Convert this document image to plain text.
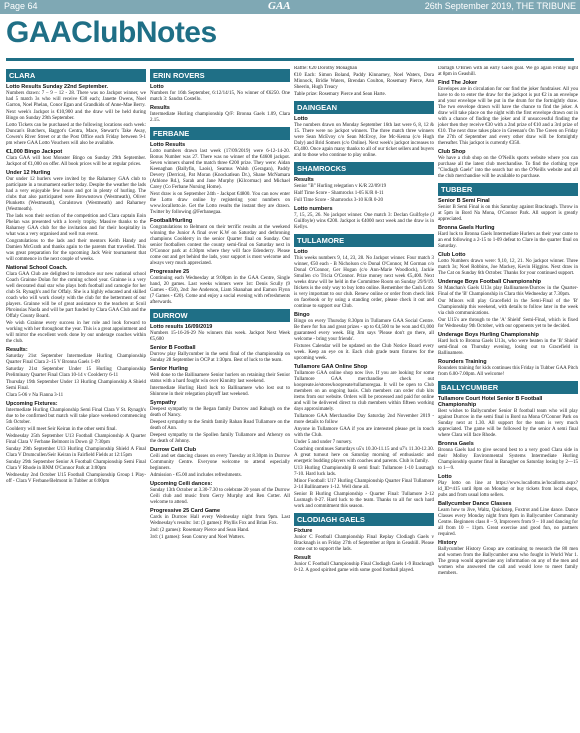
Page 64	GAA	26th September 2019, THE TRIBUNE
GAAClubNotes
CLARA
Lotto Results Sunday 22nd September.
Numbers drawn: 7 – 9 – 12 - 28. There was no Jackpot winner, we had 5 match 3s who will receive €30 each; Janette Owens, Noel Garron, Noel Phelan, Conor Egan and Grandkids of Anne-Mae Berry.
Next week's Jackpot is €10,900 and the draw will be held during Bingo on Sunday 29th September.
Lotto Tickets can be purchased at the following locations each week: Duncan's Butchers, Baggot's Centra, Mace, Stewart's Take Away, Cowen's River Street or at the Post Office each Friday between 9-1 pm where GAA Lotto Vouchers will also be available.
€1,000 Bingo Jackpot
Clara GAA will host Monster Bingo on Sunday 29th September. Jackpot of €1,000 on offer. All book prices will be at regular prices.
Under 12 Hurling
Our under 12 hurlers were invited by the Raharney GAA club to participate in a tournament earlier today. Despite the weather the lads had a very enjoyable few hours and got in plenty of hurling. The clubs that also participated were Brownstown (Westmeath), Oliver Plunketts (Westmeath), Coralstown (Westmeath) and Raharney (Westmeath).
The lads won their section of the competition and Clara captain Eoin Phelan was presented with a lovely trophy. Massive thanks to the Raharney GAA club for the invitation and for their hospitality in what was a very organised and well run event.
Congratulations to the lads and their mentors Keith Handy and Damien McGrath and thanks again to the parents that travelled. This was great preparation for the upcoming Jack Weir tournament that will commence in the next couple of weeks.
National School Coach.
Clara GAA Club are delighted to introduce our new national school Coach Grainne Dolan for the coming school year. Grainne is a very well decorated dual star who plays both football and camogie for her club St. Rynagh's and for Offaly. She is a highly educated and skilled coach who will work closely with the club for the betterment of our players. Grainne will be of great assistance to the teachers at Scoil Phroinsias Naofa and will be part funded by Clara GAA Club and the Offaly County Board.
We wish Grainne every success in her role and look forward to working with her throughout the year. This is a great appointment and will mirror the excellent work done by our underage coaches within the club.
Results:
Saturday 21st September Intermediate Hurling Championship Quarter Final Clara 2–15 V Bronna Gaels 1-09
Saturday 21st September Under 15 Hurling Championship Preliminary Quarter Final Clara 10-14 v Coolderry 6-11
Thursday 19th September Under 13 Hurling Championship A Shield Semi Final.
Clara 5-06 v Na Fianna 3-11
Upcoming Fixtures:
Intermediate Hurling Championship Semi Final Clara V St. Rynagh's due to be confirmed but match will take place weekend commencing 5th October.
Coolderry will meet Seir Keiran in the other semi final.
Wednesday 25th September U13 Football Championship A Quarter Final Clara V Ferbane Belmont in Down @ 7:30pm
Sunday 29th September U13 Hurling Championship Shield A Final Clara V Drumcullen/Seir Keiran in Fairfield Fields at 12:15pm
Sunday 29th September Senior A Football Championship Semi Final Clara V Rhode in BNM O'Connor Park at 3:00pm
Wednesday 2nd October U15 Football Championship Group 1 Play-off - Clara V Ferbane/Belmont in Tubber at 6:00pm
ERIN ROVERS
Lotto
Numbers for 16th September, 6:12/14/15, No winner of €6250. One match 3: Sandra Costello.
Results
Intermediate Hurling championship Q/F: Bronna Gaels 1.09, Clara 2.15.
FERBANE
Lotto Results
Lotto numbers drawn last week (17/09/2019) were 6-12-14-20. Bonus Number was 27. There was no winner of the €4600 jackpot. Seven winners shared the match three €200 prize. They were: Aidan Keenaghan (Ballyfin, Laois), Seamus Walsh (Geragan), Paddy Devery (Derrica), Pat Moran (Knockatlean Dr.), Shane McNamara (Athlone Rd.), Sarah and Jane Murphy (Kilcormac) and Michael Carey (Co Ferbane Nursing Home).
Next draw is on September 24th - Jackpot €4800. You can now enter the Lotto draw online by registering your numbers on www.locallotto.ie. Get the Lotto results the instant they are drawn. Twitter by following @Ferbanegaa.
Football/Hurling
Congratulations to Belmont on their terrific results at the weekend winning the Junior A final over K.W on Saturday and dethroning champions Coolderry in the senior Quarter final on Sunday. Our senior footballers contest the county semi-final on Saturday next in O'Connor park at 4:30pm where they will face Edenderry. Please come out and get behind the lads, your support is most welcome and always very much appreciated.
Progressive 25
Continuing each Wednesday at 9:00pm in the GAA Centre, Single hand, 20 games. Last weeks winners were 1st: Denis Scully (9 Games - €50), 2nd: Joe Anderson, Liam Shanahan and Eamon Flynn (7 Games - €20). Come and enjoy a social evening with refreshments afterwards.
DURROW
Lotto results 16/09/2019
Numbers 15-16-26-29 No winners this week. Jackpot Next Week €5,600
Senior B Football
Durrow play Ballycumber in the semi final of the championship on Sunday 28 September in OCP at 1:30pm. Best of luck to the team.
Senior Hurling
Well done to the Ballinamere Senior hurlers on retaining their Senior status with a hard fought win over Kinnitty last weekend.
Intermediate Hurling Hard luck to Ballinamere who lost out to Shinrone in their relegation playoff last weekend.
Sympathy
Deepest sympathy to the Regan family Durrow and Rahugh on the death of Nancy.
Deepest sympathy to the Smith family Rahan Road Tullamore on the death of Ann.
Deepest sympathy to the Spollen family Tullamore and Athenry on the death of Johnny.
Durrow Ceili Club
Ceili and set dancing classes on every Tuesday at 8.30pm in Durrow Community Centre. Everyone welcome to attend especially beginners.
Admission - €5.00 and includes refreshments.
Upcoming Ceili dances:
Sunday 13th October at 3.30-7.30 to celebrate 20 years of the Durrow Ceili club and music from Gerry Murphy and Ren Cotter. All welcome to attend.
Progressive 25 Card Game
Cards in Durrow Hall every Wednesday night from 9pm. Last Wednesday's results: 1st: (3 games): Phyllis Fox and Brian Fox.
2nd: (2 games): Rosemary Pierce and Sean Hand.
3rd: (1 games): Sean Conroy and Noel Watters.
Raffle: €20 Dorothy Monaghan
€10 Each: Simon Boland, Paddy Kinnarney, Noel Waters, Dora Minnock, Bridie Waters, Brendan Coulton, Rosemary Pierce, Ann Sheerin, Hugh Treacy
Table prize: Rosemary Pierce and Sean Harte.
DAINGEAN
Lotto
The numbers drawn on Monday September 16th last were 6, 8, 12 & 15. There were no jackpot winners. The three match three winners were Sean McEvoy c/o Sean McEvoy, Joe Mc-Kenna (c/o Hugh Daly) and Brid Somers (c/o Online). Next week's jackpot increases to €3,400. Once again many thanks to all of our ticket sellers and buyers and to those who continue to play online.
SHAMROCKS
Results
Senior "B" Hurling relegation v K/R 22/09/19
Half Time Score - Shamrocks 1-05 K/R 0-11
Full Time Score - Shamrocks 3-10 K/R 0-20
Lotto numbers
7, 15, 25, 26. No jackpot winner. One match 3: Declan Guilfoyle (J Guilfoyle) wins €200. Jackpot is €4000 next week and the draw is in Kellys.
TULLAMORE
Lotto
This weeks numbers 9, 14, 23, 28. No Jackpot winner. Four match 3 winner, €50 each - B Nicholson c/o Donal O'Connor, M Gorman c/o Donal O'Connor, Ger Hogan (c/o Ann-Marie Woodlock), Jackie Smullen c/o Tricia O'Connor. Prize money next week €5,400. Next weeks draw will be held in the Committee Room on Sunday 29/9/19. Itickets is the only way to buy lotto online. Remember the Cash Lotto is very important to our club. Renew online or order from check link on facebook or by using a standing order, please check it out and continue to support our Club.
Bingo
Bingo on every Thursday 8.30pm in Tullamore GAA Social Centre. Be there for fun and great prizes - up to €4,500 to be won and €1,000 guaranteed every week. Big Jim says 'Please don't go there, all welcome - bring your friends'.
Fixtures Calendar will be updated on the Club Notice Board every week. Keep an eye on it. Each club grade team fixtures for the upcoming week.
Tullamore GAA Online Shop
Tullamore GAA online shop now live. If you are looking for some Tullamore GAA merchandise check out koopreate.ie/stores/koopreate/tullamoregaa. It will be open to Club members on an ongoing basis. Club members can order club kits items from our website. Orders will be processed and paid for online and will be delivered direct to club members within fifteen working days approximately.
Tullamore GAA Merchandise Day Saturday 2nd November 2019 - more details to follow
Anyone in Tullamore GAA if you are interested please get in touch with the Club.
Under 5 and under 7 nursery.
Coaching continues Saturdays u5's 10.30-11.15 and u7's 11.30-12.30. A great turnout here on Saturday morning of enthusiastic and energetic budding players with coaches and parents. Club is family.
U13 Hurling Championship B semi final: Tullamore 1-10 Lusmagh 7-10. Hard luck lads.
Minor Football: U17 Hurling Championship Quarter Final Tullamore 2-14 Ballinamere 1-12. Well done all.
Senior B Hurling Championship - Quarter Final: Tullamore 2-12 Lusmagh 0-27. Hard luck to the team. Thanks to all for such hard work and commitment this season.
CLODIAGH GAELS
Fixture
Junior C Football Championship Final Replay Clodiagh Gaels v Bracknagh is on Friday 27th of September at 8pm in Geashill. Please come out to support the lads.
Result
Junior C Football Championship Final Clodiagh Gaels 1-9 Bracknagh 0-12. A good spirited game with some good football played.
Darragh O'Brien with an early Gaels goal. We go again Friday night at 8pm in Geashill.
Find The Joker
Envelopes are in circulation for our find the joker fundraiser. All you have to do to enter the draw for the jackpot is put €2 in an envelope and your envelope will be put in the drum for the fortnightly draw. The two envelope drawn will have the chance to find the joker. A draw will take place on the night with the first envelope drawn out in with a chance of finding the joker and if unsuccessful finding the joker then they receive €30 with a 2nd prize of €10 and a 3rd prize of €10. The next draw takes place in Greenan's On The Green on Friday the 27th of September and every other draw will be fortnightly thereafter. This jackpot is currently €350.
Club Shop
We have a club shop on the O'Neills sports website where you can purchase all the latest club merchandise. To find the clothing type "Clodiagh Gaels" into the search bar on the O'Neills website and all the club merchandise will be available to purchase.
TUBBER
Senior B Semi Final
Senior B Semi Final is on this Saturday against Bracknagh. Throw in at 5pm in Bord Na Mona, O'Connor Park. All support is greatly appreciated.
Bronna Gaels Hurling
Hard luck to Bronna Gaels Intermediate Hurlers as their year came to an end following a 2-15 to 1-09 defeat to Clare in the quarter final on Saturday.
Club Lotto
Lotto Numbers drawn were: 9,10, 12, 21. No jackpot winner. Three match 3s; Noel Robbins, Joe Mackey, Kevin Higgins. Next draw in The Cat on Sunday 6th October. Thanks for your continued support.
Underage Boys Football Championship
St Manchan's Gaels U13s play Ballinamere/Durrow in the Quarter-Final of the 'B' Championship in Clara this Wednesday at 7.30pm.
Our Minors will play Gracefield in the Semi-Final of the 'B' Championship this weekend, with details to follow later in the week via club communications.
Our U15's are through to the 'A' Shield' Semi-Final, which is fixed for Wednesday 9th October, with our opponents yet to be decided.
Underage Boys Hurling Championship
Hard luck to Bronna Gaels U13s, who were beaten in the 'B' Shield' semi-final on Thursday evening, losing out to Gracefield in Ballinamere.
Rounders Training
Rounders training for kids continues this Friday in Tubber GAA Pitch from 6.00-7.00pm. All welcome!
BALLYCUMBER
Tullamore Court Hotel Senior B Football Championship
Best wishes to Ballycumber Senior B football team who will play against Durrow in the semi final in Bord na Mona O'Connor Park on Sunday next at 1.30. All support for the team is very much appreciated. The game will be followed by the senior A semi final where Clara will face Rhode.
Bronna Gaels
Bronna Gaels had to give second best to a very good Clara side in their Molloy Environmental Systems Intermediate Hurling Championship quarter final in Banagher on Saturday losing by 2—15 to 1—9.
Lotto
Play lotto on line at https://www.locallotto.ie/locallotto.aspx?id_ID=415 until 8pm on Monday or buy tickets from local shops, pubs and from usual lotto sellers.
Ballycumber Dance Classes
Learn how to Jive, Waltz, Quickstep, Foxtrot and Line dance. Dance Classes every Monday night from 8pm in Ballycumber Community Centre. Beginners class 8 – 9, Improvers from 9 – 10 and dancing for all from 10 – 11pm. Great exercise and good fun, no partners required.
History
Ballycumber History Group are continuing to research the 80 men and women from the Ballycumber area who fought in World War 1. The group would appreciate any information on any of the men and women who answered the call and would love to meet family members.
